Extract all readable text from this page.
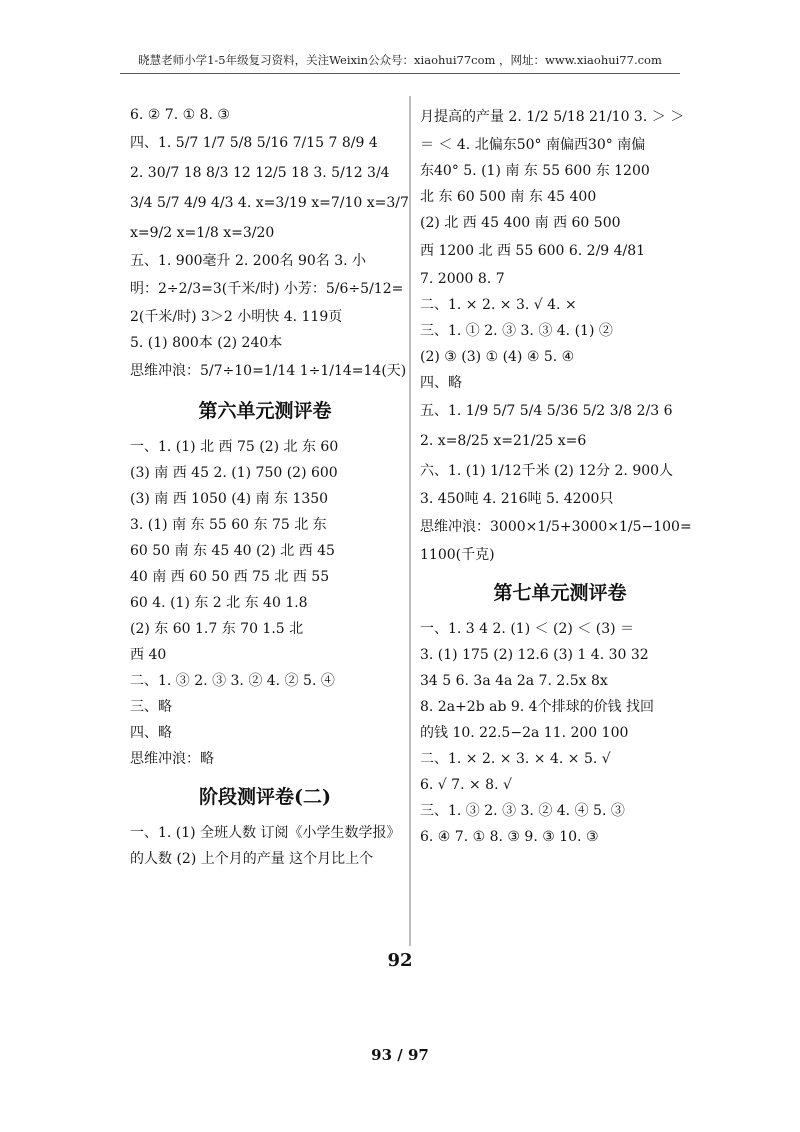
晓慧老师小学1-5年级复习资料，关注Weixin公众号：xiaohui77com ，网址：www.xiaohui77.com
6. ② 7. ① 8. ③
四、1. 5/7 1/7 5/8 5/16 7/15 7 8/9 4
2. 30/7 18 8/3 12 12/5 18 3. 5/12 3/4
3/4 5/7 4/9 4/3 4. x=3/19 x=7/10 x=3/7
x=9/2 x=1/8 x=3/20
五、1. 900毫升 2. 200名 90名 3. 小
明：2÷2/3=3(千米/时) 小芳：5/6÷5/12=
2(千米/时) 3＞2 小明快 4. 119页
5. (1) 800本 (2) 240本
思维冲浪：5/7÷10=1/14 1÷1/14=14(天)
第六单元测评卷
一、1. (1) 北 西 75 (2) 北 东 60
(3) 南 西 45 2. (1) 750 (2) 600
(3) 南 西 1050 (4) 南 东 1350
3. (1) 南 东 55 60 东 75 北 东
60 50 南 东 45 40 (2) 北 西 45
40 南 西 60 50 西 75 北 西 55
60 4. (1) 东 2 北 东 40 1.8
(2) 东 60 1.7 东 70 1.5 北
西 40
二、1. ③ 2. ③ 3. ② 4. ② 5. ④
三、略
四、略
思维冲浪：略
阶段测评卷(二)
一、1. (1) 全班人数 订阅《小学生数学报》
的人数 (2) 上个月的产量 这个月比上个
月提高的产量 2. 1/2 5/18 21/10 3. ＞ ＞
＝ ＜ 4. 北偏东50° 南偏西30° 南偏
东40° 5. (1) 南 东 55 600 东 1200
北 东 60 500 南 东 45 400
(2) 北 西 45 400 南 西 60 500
西 1200 北 西 55 600 6. 2/9 4/81
7. 2000 8. 7
二、1. × 2. × 3. √ 4. ×
三、1. ① 2. ③ 3. ③ 4. (1) ②
(2) ③ (3) ① (4) ④ 5. ④
四、略
五、1. 1/9 5/7 5/4 5/36 5/2 3/8 2/3 6
2. x=8/25 x=21/25 x=6
六、1. (1) 1/12千米 (2) 12分 2. 900人
3. 450吨 4. 216吨 5. 4200只
思维冲浪：3000×1/5+3000×1/5−100=
1100(千克)
第七单元测评卷
一、1. 3 4 2. (1) ＜ (2) ＜ (3) ＝
3. (1) 175 (2) 12.6 (3) 1 4. 30 32
34 5 6. 3a 4a 2a 7. 2.5x 8x
8. 2a+2b ab 9. 4个排球的价钱 找回
的钱 10. 22.5−2a 11. 200 100
二、1. × 2. × 3. × 4. × 5. √
6. √ 7. × 8. √
三、1. ③ 2. ③ 3. ② 4. ④ 5. ③
6. ④ 7. ① 8. ③ 9. ③ 10. ③
92
93 / 97
